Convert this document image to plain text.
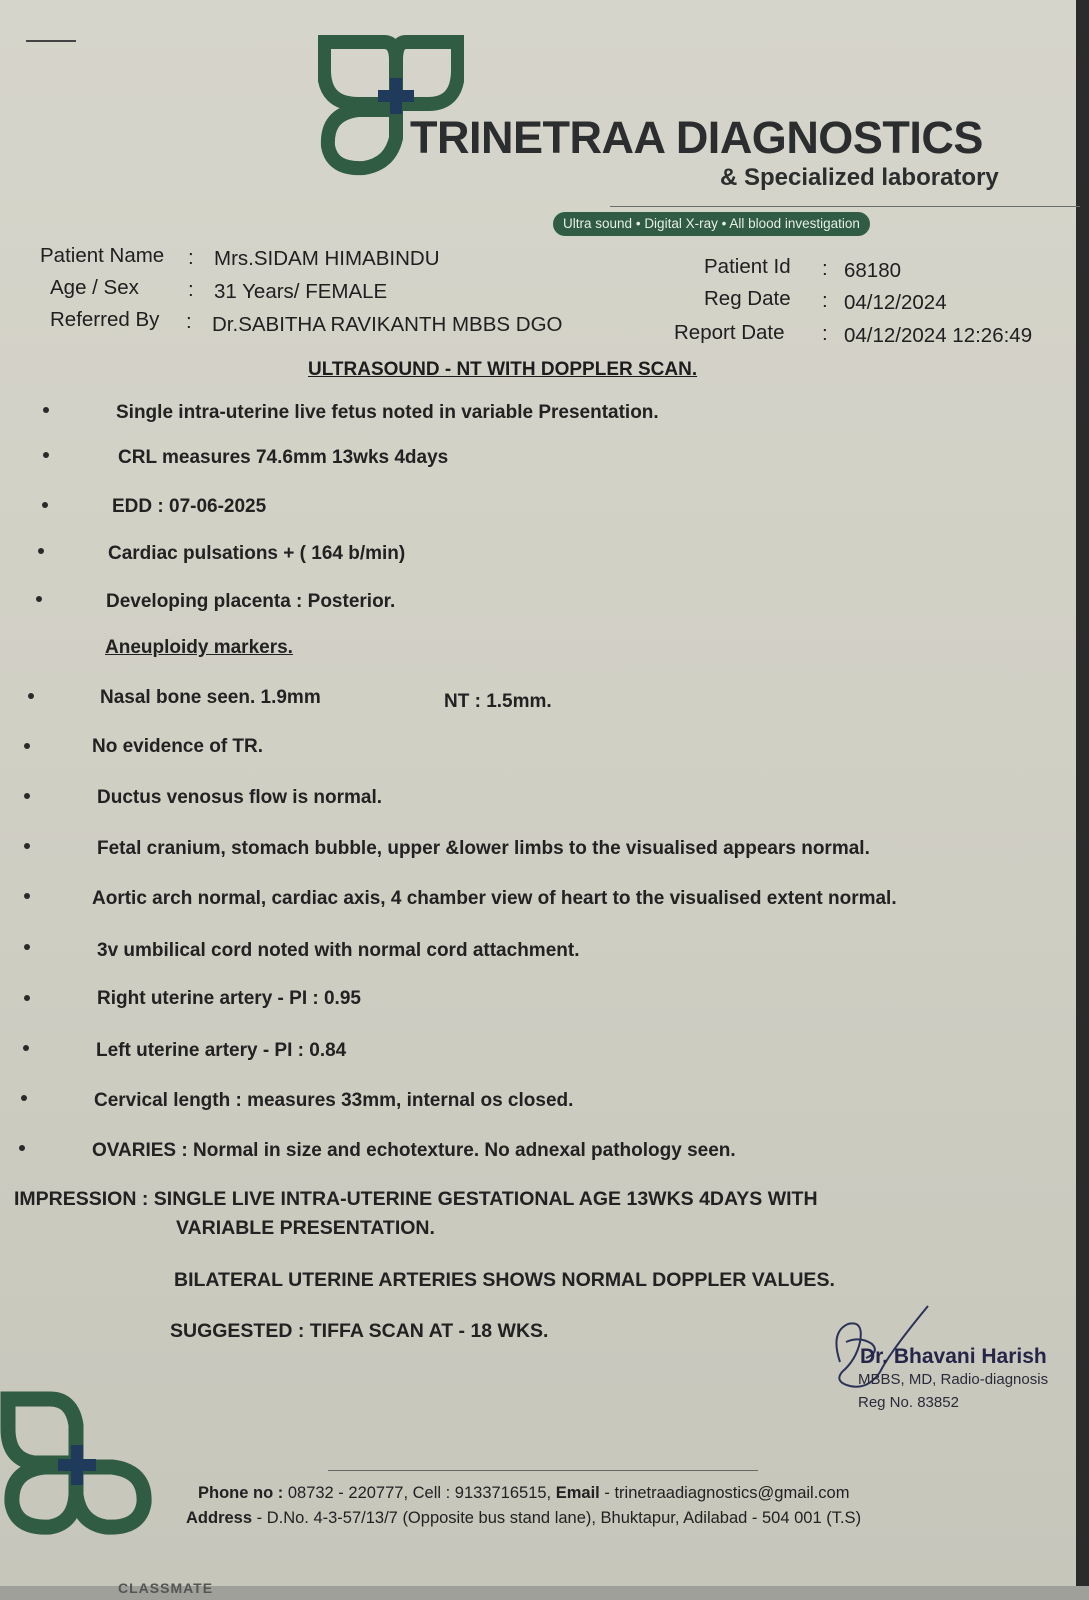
TRINETRAA DIAGNOSTICS
& Specialized laboratory
Ultra sound • Digital X-ray • All blood investigation
Patient Name : Mrs.SIDAM HIMABINDU
Age / Sex : 31 Years/ FEMALE
Referred By : Dr.SABITHA RAVIKANTH MBBS DGO
Patient Id : 68180
Reg Date : 04/12/2024
Report Date : 04/12/2024 12:26:49
ULTRASOUND - NT WITH DOPPLER SCAN.
Single intra-uterine live fetus noted in variable Presentation.
CRL measures 74.6mm 13wks 4days
EDD : 07-06-2025
Cardiac pulsations + ( 164 b/min)
Developing placenta : Posterior.
Aneuploidy markers.
Nasal bone seen. 1.9mm	NT : 1.5mm.
No evidence of TR.
Ductus venosus flow is normal.
Fetal cranium, stomach bubble, upper &lower limbs to the visualised appears normal.
Aortic arch normal, cardiac axis, 4 chamber view of heart to the visualised extent normal.
3v umbilical cord noted with normal cord attachment.
Right uterine artery - PI : 0.95
Left uterine artery - PI : 0.84
Cervical length : measures 33mm, internal os closed.
OVARIES : Normal in size and echotexture. No adnexal pathology seen.
IMPRESSION : SINGLE LIVE INTRA-UTERINE GESTATIONAL AGE 13WKS 4DAYS WITH
VARIABLE PRESENTATION.
BILATERAL UTERINE ARTERIES SHOWS NORMAL DOPPLER VALUES.
SUGGESTED : TIFFA SCAN AT - 18 WKS.
Dr. Bhavani Harish
MBBS, MD, Radio-diagnosis
Reg No. 83852
Phone no : 08732 - 220777, Cell : 9133716515, Email - trinetraadiagnostics@gmail.com
Address - D.No. 4-3-57/13/7 (Opposite bus stand lane), Bhuktapur, Adilabad - 504 001 (T.S)
CLASSMATE
